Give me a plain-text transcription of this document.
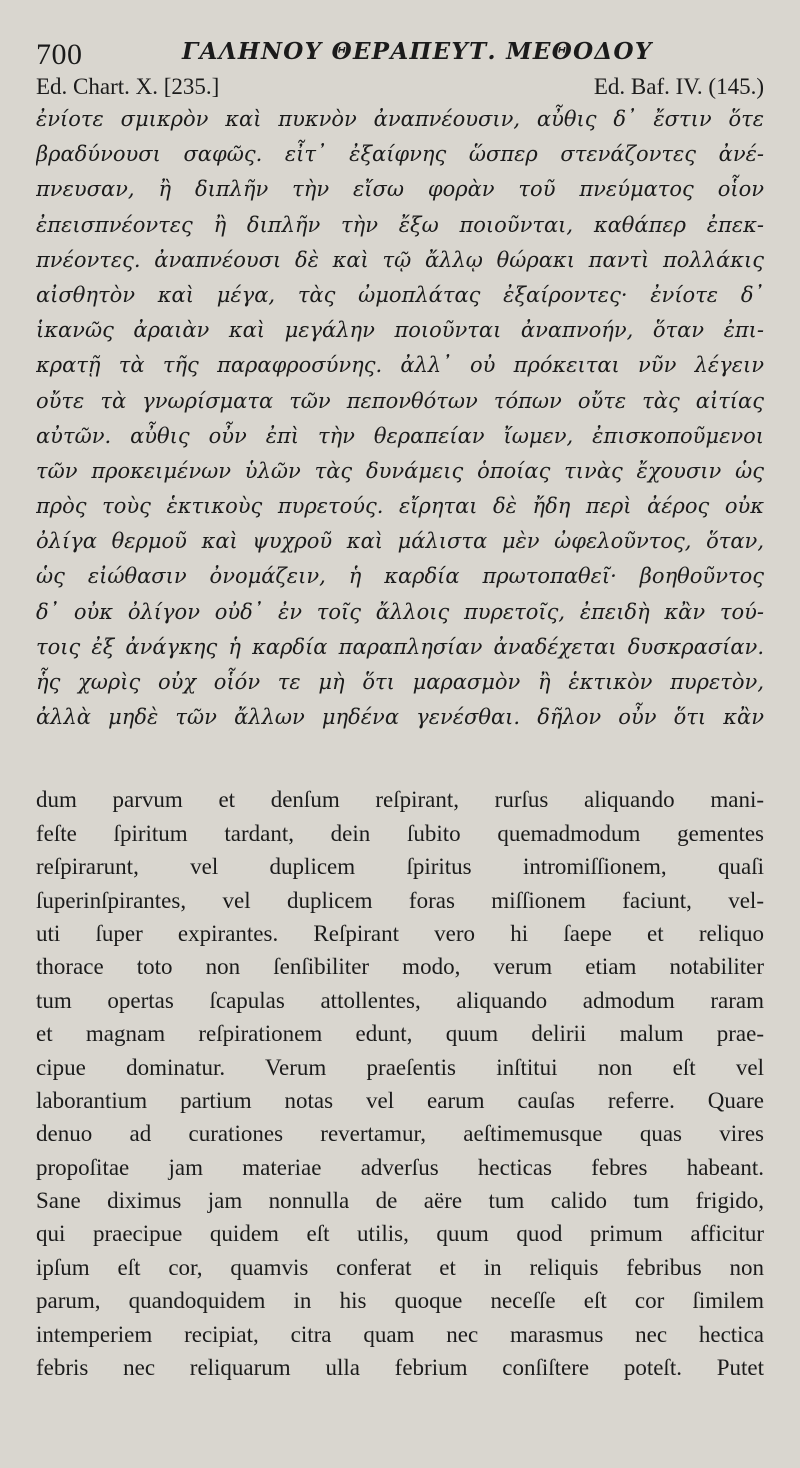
700	ΓΑΛΗΝΟΥ ΘΕΡΑΠΕΥΤ. ΜΕΘΟΔΟΥ
Ed. Chart. X. [235.]	Ed. Baf. IV. (145.)
ἐνίοτε σμικρὸν καὶ πυκνὸν ἀναπνέουσιν, αὖθις δ᾽ ἔστιν ὅτε
βραδύνουσι σαφῶς. εἶτ᾽ ἐξαίφνης ὥσπερ στενάζοντες ἀνέ-
πνευσαν, ἢ διπλῆν τὴν εἴσω φορὰν τοῦ πνεύματος οἷον
ἐπεισπνέοντες ἢ διπλῆν τὴν ἔξω ποιοῦνται, καθάπερ ἐπεκ-
πνέοντες. ἀναπνέουσι δὲ καὶ τῷ ἄλλῳ θώρακι παντὶ πολλάκις
αἰσθητὸν καὶ μέγα, τὰς ὠμοπλάτας ἐξαίροντες· ἐνίοτε δ᾽
ἱκανῶς ἀραιὰν καὶ μεγάλην ποιοῦνται ἀναπνοήν, ὅταν ἐπι-
κρατῇ τὰ τῆς παραφροσύνης. ἀλλ᾽ οὐ πρόκειται νῦν λέγειν
οὔτε τὰ γνωρίσματα τῶν πεπονθότων τόπων οὔτε τὰς αἰτίας
αὐτῶν. αὖθις οὖν ἐπὶ τὴν θεραπείαν ἴωμεν, ἐπισκοποῦμενοι
τῶν προκειμένων ὑλῶν τὰς δυνάμεις ὁποίας τινὰς ἔχουσιν ὡς
πρὸς τοὺς ἑκτικοὺς πυρετούς. εἴρηται δὲ ἤδη περὶ ἀέρος οὐκ
ὀλίγα θερμοῦ καὶ ψυχροῦ καὶ μάλιστα μὲν ὠφελοῦντος, ὅταν,
ὡς εἰώθασιν ὀνομάζειν, ἡ καρδία πρωτοπαθεῖ· βοηθοῦντος
δ᾽ οὐκ ὀλίγον οὐδ᾽ ἐν τοῖς ἄλλοις πυρετοῖς, ἐπειδὴ κἂν τού-
τοις ἐξ ἀνάγκης ἡ καρδία παραπλησίαν ἀναδέχεται δυσκρασίαν.
ἧς χωρὶς οὐχ οἷόν τε μὴ ὅτι μαρασμὸν ἢ ἑκτικὸν πυρετὸν,
ἀλλὰ μηδὲ τῶν ἄλλων μηδένα γενέσθαι. δῆλον οὖν ὅτι κἂν
dum parvum et denſum reſpirant, rurſus aliquando mani-
feſte ſpiritum tardant, dein ſubito quemadmodum gementes
reſpirarunt, vel duplicem ſpiritus intromiſſionem, quaſi
ſuperinſpirantes, vel duplicem foras miſſionem faciunt, vel-
uti ſuper expirantes. Reſpirant vero hi ſaepe et reliquo
thorace toto non ſenſibiliter modo, verum etiam notabiliter
tum opertas ſcapulas attollentes, aliquando admodum raram
et magnam reſpirationem edunt, quum delirii malum prae-
cipue dominatur. Verum praeſentis inſtitui non eſt vel
laborantium partium notas vel earum cauſas referre. Quare
denuo ad curationes revertamur, aeſtimemusque quas vires
propoſitae jam materiae adverſus hecticas febres habeant.
Sane diximus jam nonnulla de aëre tum calido tum frigido,
qui praecipue quidem eſt utilis, quum quod primum afficitur
ipſum eſt cor, quamvis conferat et in reliquis febribus non
parum, quandoquidem in his quoque neceſſe eſt cor ſimilem
intemperiem recipiat, citra quam nec marasmus nec hectica
febris nec reliquarum ulla febrium conſiſtere poteſt. Putet
